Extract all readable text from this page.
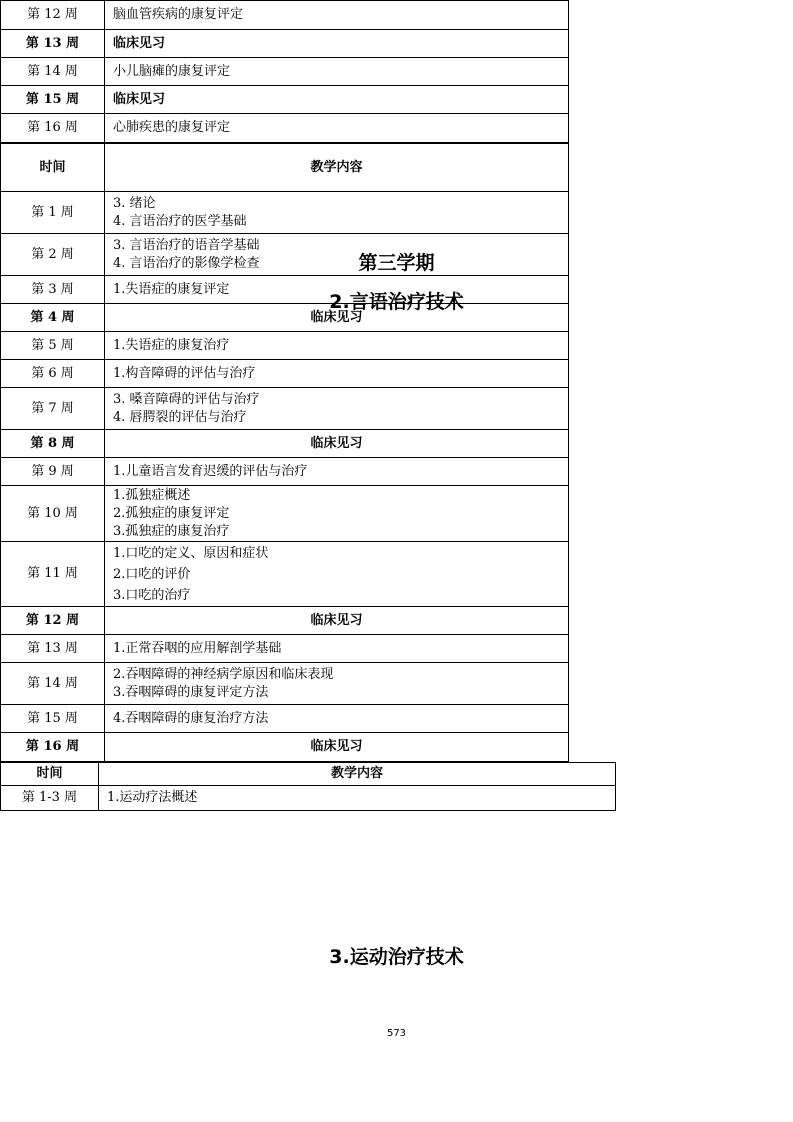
第 12 周	脑血管疾病的康复评定
第 13 周	临床见习
第 14 周	小儿脑瘫的康复评定
第 15 周	临床见习
第 16 周	心肺疾患的康复评定
第三学期
2.言语治疗技术
时间	教学内容
第 1 周	3. 绪论
4. 言语治疗的医学基础

第 2 周	3. 言语治疗的语音学基础
4. 言语治疗的影像学检查

第 3 周	1.失语症的康复评定
第 4 周	临床见习
第 5 周	1.失语症的康复治疗
第 6 周	1.构音障碍的评估与治疗
第 7 周	3. 嗓音障碍的评估与治疗
4. 唇腭裂的评估与治疗

第 8 周	临床见习
第 9 周	1.儿童语言发育迟缓的评估与治疗
第 10 周	1.孤独症概述
2.孤独症的康复评定
3.孤独症的康复治疗

第 11 周	1.口吃的定义、原因和症状
2.口吃的评价
3.口吃的治疗

第 12 周	临床见习
第 13 周	1.正常吞咽的应用解剖学基础
第 14 周	2.吞咽障碍的神经病学原因和临床表现
3.吞咽障碍的康复评定方法

第 15 周	4.吞咽障碍的康复治疗方法
第 16 周	临床见习
3.运动治疗技术
时间	教学内容
第 1-3 周	1.运动疗法概述
573
